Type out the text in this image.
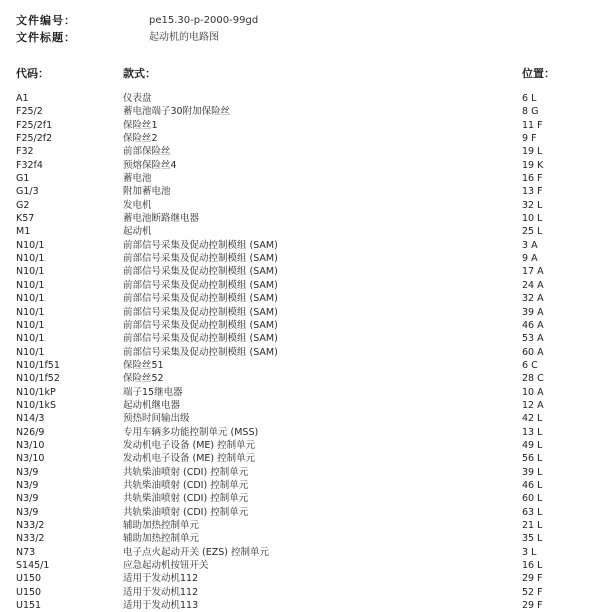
文件编号：	pe15.30-p-2000-99gd
文件标题：	起动机的电路图
代码：	款式：	位置：
A1	仪表盘	6 L
F25/2	蓄电池端子30附加保险丝	8 G
F25/2f1	保险丝1	11 F
F25/2f2	保险丝2	9 F
F32	前部保险丝	19 L
F32f4	预熔保险丝4	19 K
G1	蓄电池	16 F
G1/3	附加蓄电池	13 F
G2	发电机	32 L
K57	蓄电池断路继电器	10 L
M1	起动机	25 L
N10/1	前部信号采集及促动控制模组 (SAM)	3 A
N10/1	前部信号采集及促动控制模组 (SAM)	9 A
N10/1	前部信号采集及促动控制模组 (SAM)	17 A
N10/1	前部信号采集及促动控制模组 (SAM)	24 A
N10/1	前部信号采集及促动控制模组 (SAM)	32 A
N10/1	前部信号采集及促动控制模组 (SAM)	39 A
N10/1	前部信号采集及促动控制模组 (SAM)	46 A
N10/1	前部信号采集及促动控制模组 (SAM)	53 A
N10/1	前部信号采集及促动控制模组 (SAM)	60 A
N10/1f51	保险丝51	6 C
N10/1f52	保险丝52	28 C
N10/1kP	端子15继电器	10 A
N10/1kS	起动机继电器	12 A
N14/3	预热时间输出级	42 L
N26/9	专用车辆多功能控制单元 (MSS)	13 L
N3/10	发动机电子设备 (ME) 控制单元	49 L
N3/10	发动机电子设备 (ME) 控制单元	56 L
N3/9	共轨柴油喷射 (CDI) 控制单元	39 L
N3/9	共轨柴油喷射 (CDI) 控制单元	46 L
N3/9	共轨柴油喷射 (CDI) 控制单元	60 L
N3/9	共轨柴油喷射 (CDI) 控制单元	63 L
N33/2	辅助加热控制单元	21 L
N33/2	辅助加热控制单元	35 L
N73	电子点火起动开关 (EZS) 控制单元	3 L
S145/1	应急起动机按钮开关	16 L
U150	适用于发动机112	29 F
U150	适用于发动机112	52 F
U151	适用于发动机113	29 F
